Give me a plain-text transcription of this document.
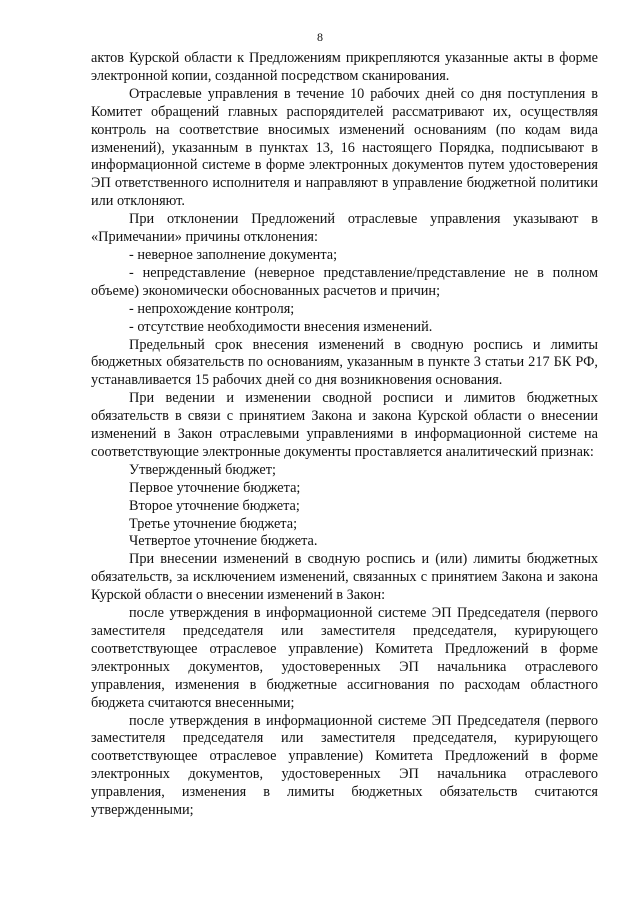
8

актов Курской области к Предложениям прикрепляются указанные акты в форме электронной копии, созданной посредством сканирования.

Отраслевые управления в течение 10 рабочих дней со дня поступления в Комитет обращений главных распорядителей рассматривают их, осуществляя контроль на соответствие вносимых изменений основаниям (по кодам вида изменений), указанным в пунктах 13, 16 настоящего Порядка, подписывают в информационной системе в форме электронных документов путем удостоверения ЭП ответственного исполнителя и направляют в управление бюджетной политики или отклоняют.

При отклонении Предложений отраслевые управления указывают в «Примечании» причины отклонения:

- неверное заполнение документа;

- непредставление (неверное представление/представление не в полном объеме) экономически обоснованных расчетов и причин;

- непрохождение контроля;

- отсутствие необходимости внесения изменений.

Предельный срок внесения изменений в сводную роспись и лимиты бюджетных обязательств по основаниям, указанным в пункте 3 статьи 217 БК РФ, устанавливается 15 рабочих дней со дня возникновения основания.

При ведении и изменении сводной росписи и лимитов бюджетных обязательств в связи с принятием Закона и закона Курской области о внесении изменений в Закон отраслевыми управлениями в информационной системе на соответствующие электронные документы проставляется аналитический признак:

Утвержденный бюджет;

Первое уточнение бюджета;

Второе уточнение бюджета;

Третье уточнение бюджета;

Четвертое уточнение бюджета.

При внесении изменений в сводную роспись и (или) лимиты бюджетных обязательств, за исключением изменений, связанных с принятием Закона и закона Курской области о внесении изменений в Закон:

после утверждения в информационной системе ЭП Председателя (первого заместителя председателя или заместителя председателя, курирующего соответствующее отраслевое управление) Комитета Предложений в форме электронных документов, удостоверенных ЭП начальника отраслевого управления, изменения в бюджетные ассигнования по расходам областного бюджета считаются внесенными;

после утверждения в информационной системе ЭП Председателя (первого заместителя председателя или заместителя председателя, курирующего соответствующее отраслевое управление) Комитета Предложений в форме электронных документов, удостоверенных ЭП начальника отраслевого управления, изменения в лимиты бюджетных обязательств считаются утвержденными;
